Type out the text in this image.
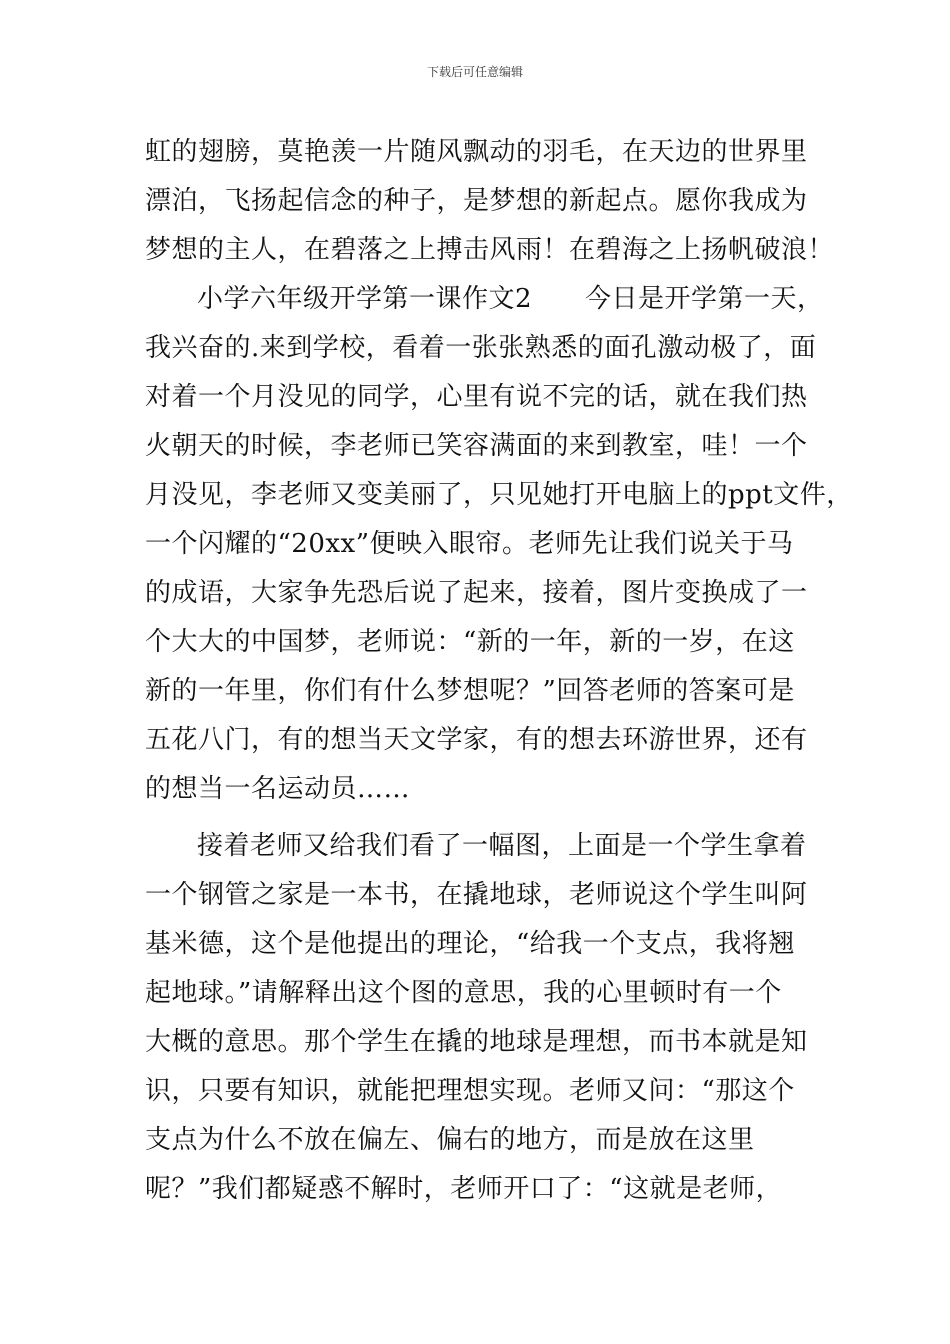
下载后可任意编辑
虹的翅膀，莫艳羡一片随风飘动的羽毛，在天边的世界里
漂泊，飞扬起信念的种子，是梦想的新起点。愿你我成为
梦想的主人，在碧落之上搏击风雨！在碧海之上扬帆破浪！
小学六年级开学第一课作文2　　今日是开学第一天，
我兴奋的.来到学校，看着一张张熟悉的面孔激动极了，面
对着一个月没见的同学，心里有说不完的话，就在我们热
火朝天的时候，李老师已笑容满面的来到教室，哇！一个
月没见，李老师又变美丽了，只见她打开电脑上的ppt文件，
一个闪耀的“20xx”便映入眼帘。老师先让我们说关于马
的成语，大家争先恐后说了起来，接着，图片变换成了一
个大大的中国梦，老师说：“新的一年，新的一岁，在这
新的一年里，你们有什么梦想呢？”回答老师的答案可是
五花八门，有的想当天文学家，有的想去环游世界，还有
的想当一名运动员……
接着老师又给我们看了一幅图，上面是一个学生拿着
一个钢管之家是一本书，在撬地球，老师说这个学生叫阿
基米德，这个是他提出的理论，“给我一个支点，我将翘
起地球。”请解释出这个图的意思，我的心里顿时有一个
大概的意思。那个学生在撬的地球是理想，而书本就是知
识，只要有知识，就能把理想实现。老师又问：“那这个
支点为什么不放在偏左、偏右的地方，而是放在这里
呢？”我们都疑惑不解时，老师开口了：“这就是老师，
